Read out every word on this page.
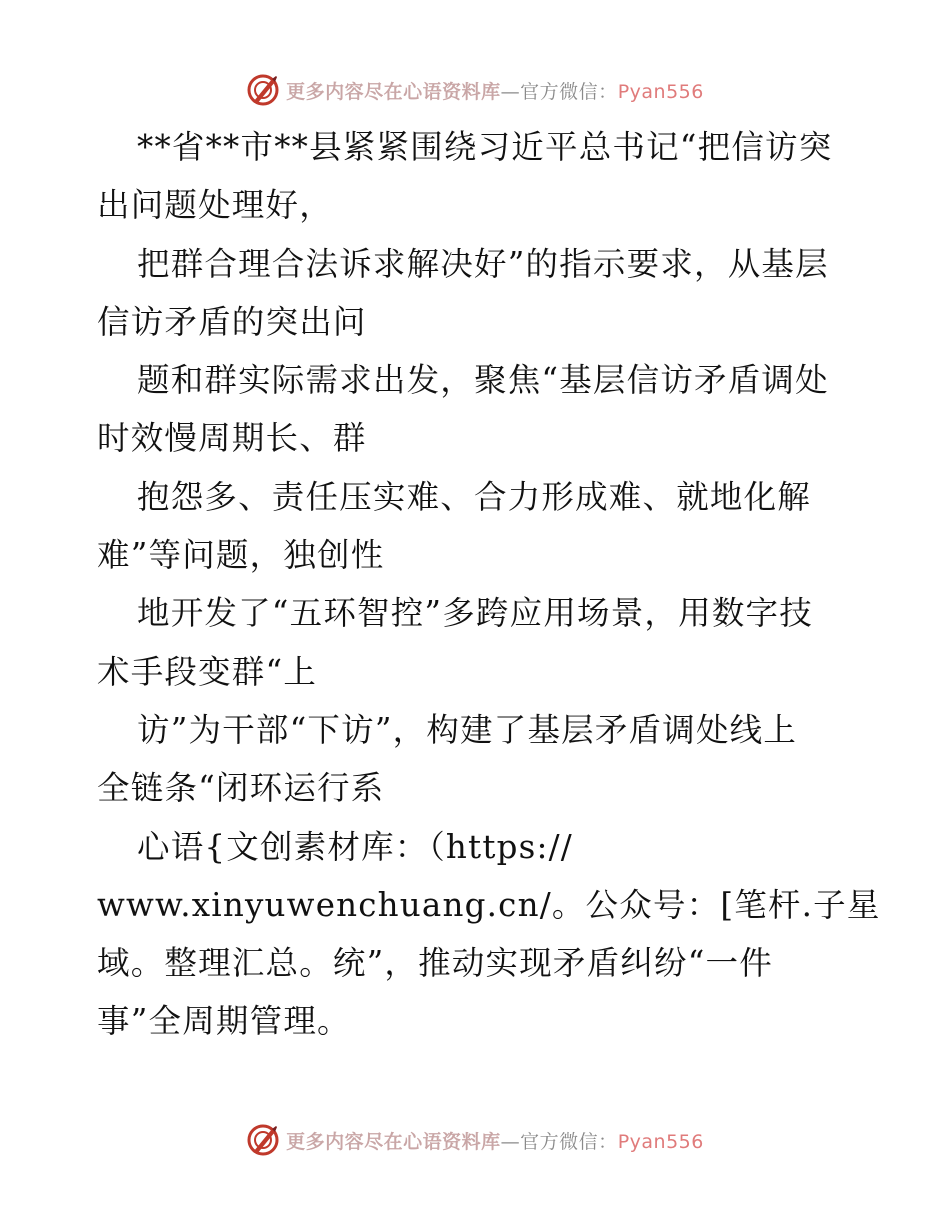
更多内容尽在心语资料库—官方微信：Pyan556
**省**市**县紧紧围绕习近平总书记“把信访突
出问题处理好，
把群合理合法诉求解决好”的指示要求，从基层
信访矛盾的突出问
题和群实际需求出发，聚焦“基层信访矛盾调处
时效慢周期长、群
抱怨多、责任压实难、合力形成难、就地化解
难”等问题，独创性
地开发了“五环智控”多跨应用场景，用数字技
术手段变群“上
访”为干部“下访”，构建了基层矛盾调处线上
全链条“闭环运行系
心语{文创素材库：（https://
www.xinyuwenchuang.cn/。公众号：[笔杆.子星
域。整理汇总。统”，推动实现矛盾纠纷“一件
事”全周期管理。
更多内容尽在心语资料库—官方微信：Pyan556
